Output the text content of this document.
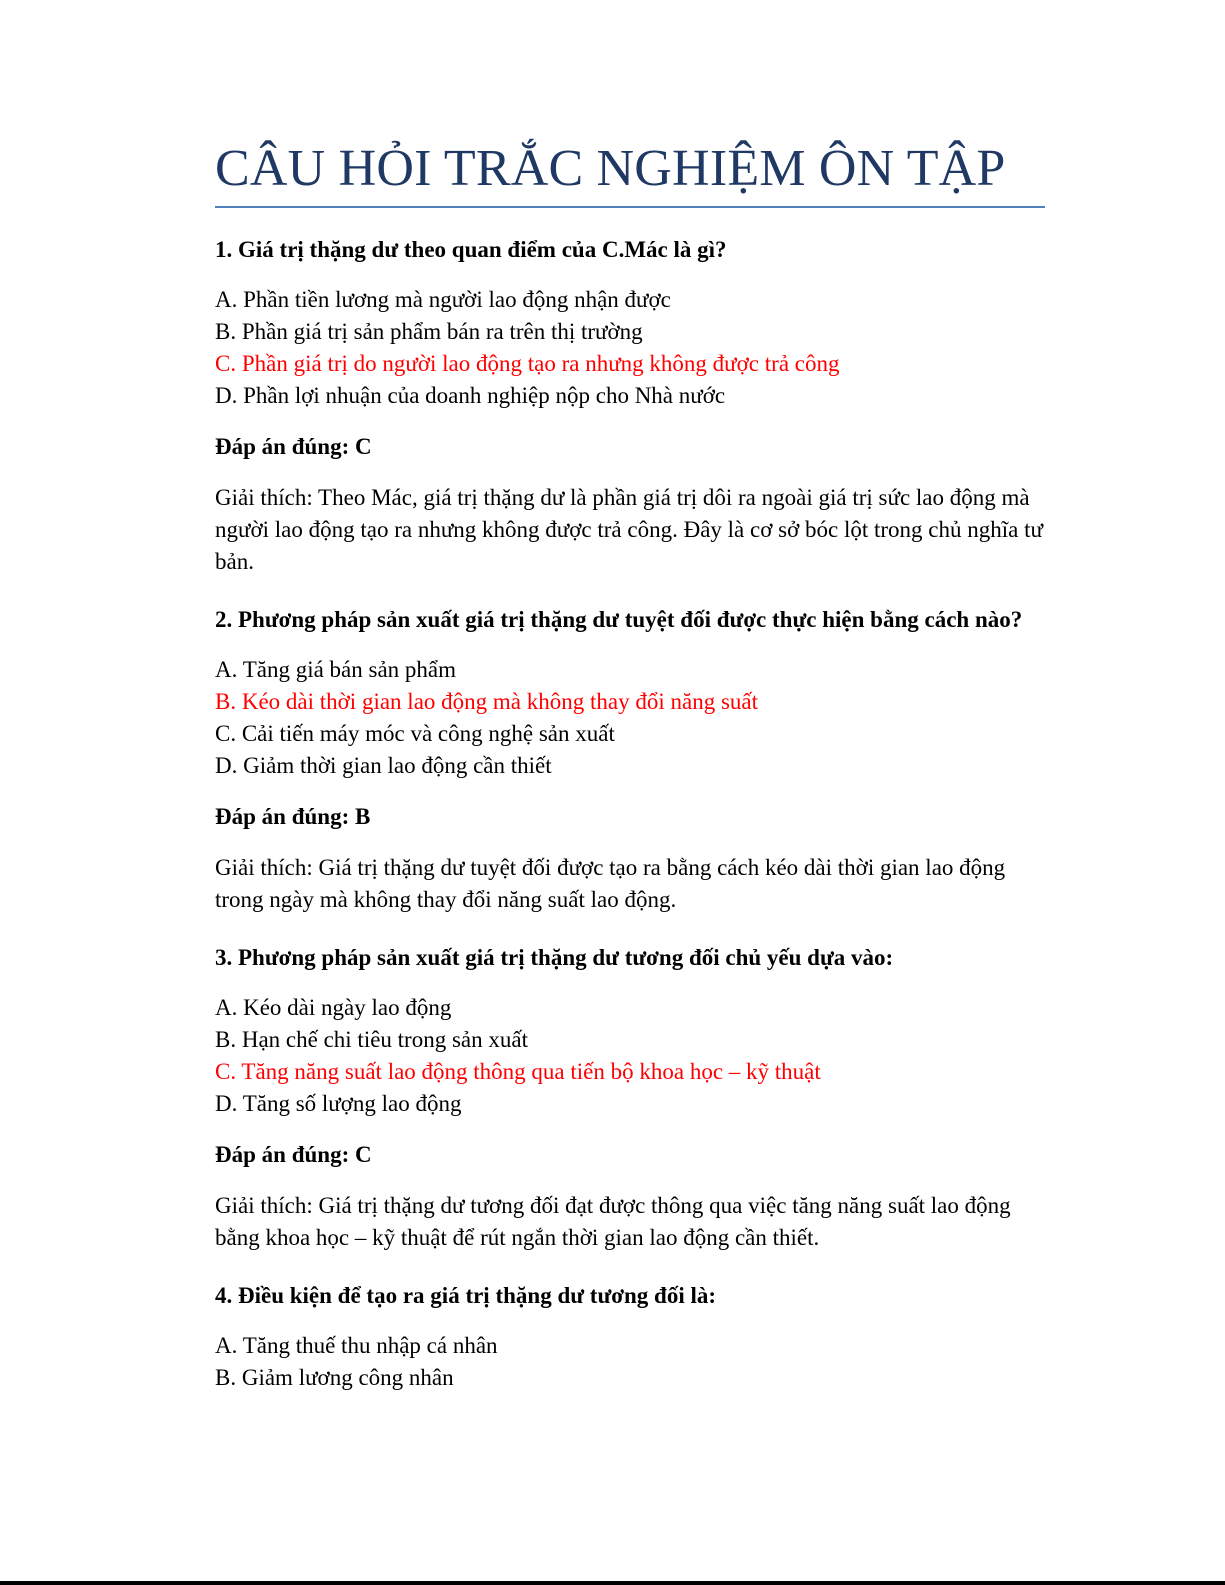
CÂU HỎI TRẮC NGHIỆM ÔN TẬP

1. Giá trị thặng dư theo quan điểm của C.Mác là gì?

A. Phần tiền lương mà người lao động nhận được
B. Phần giá trị sản phẩm bán ra trên thị trường
C. Phần giá trị do người lao động tạo ra nhưng không được trả công
D. Phần lợi nhuận của doanh nghiệp nộp cho Nhà nước

Đáp án đúng: C

Giải thích: Theo Mác, giá trị thặng dư là phần giá trị dôi ra ngoài giá trị sức lao động mà người lao động tạo ra nhưng không được trả công. Đây là cơ sở bóc lột trong chủ nghĩa tư bản.

2. Phương pháp sản xuất giá trị thặng dư tuyệt đối được thực hiện bằng cách nào?

A. Tăng giá bán sản phẩm
B. Kéo dài thời gian lao động mà không thay đổi năng suất
C. Cải tiến máy móc và công nghệ sản xuất
D. Giảm thời gian lao động cần thiết

Đáp án đúng: B

Giải thích: Giá trị thặng dư tuyệt đối được tạo ra bằng cách kéo dài thời gian lao động trong ngày mà không thay đổi năng suất lao động.

3. Phương pháp sản xuất giá trị thặng dư tương đối chủ yếu dựa vào:

A. Kéo dài ngày lao động
B. Hạn chế chi tiêu trong sản xuất
C. Tăng năng suất lao động thông qua tiến bộ khoa học – kỹ thuật
D. Tăng số lượng lao động

Đáp án đúng: C

Giải thích: Giá trị thặng dư tương đối đạt được thông qua việc tăng năng suất lao động bằng khoa học – kỹ thuật để rút ngắn thời gian lao động cần thiết.

4. Điều kiện để tạo ra giá trị thặng dư tương đối là:

A. Tăng thuế thu nhập cá nhân
B. Giảm lương công nhân
